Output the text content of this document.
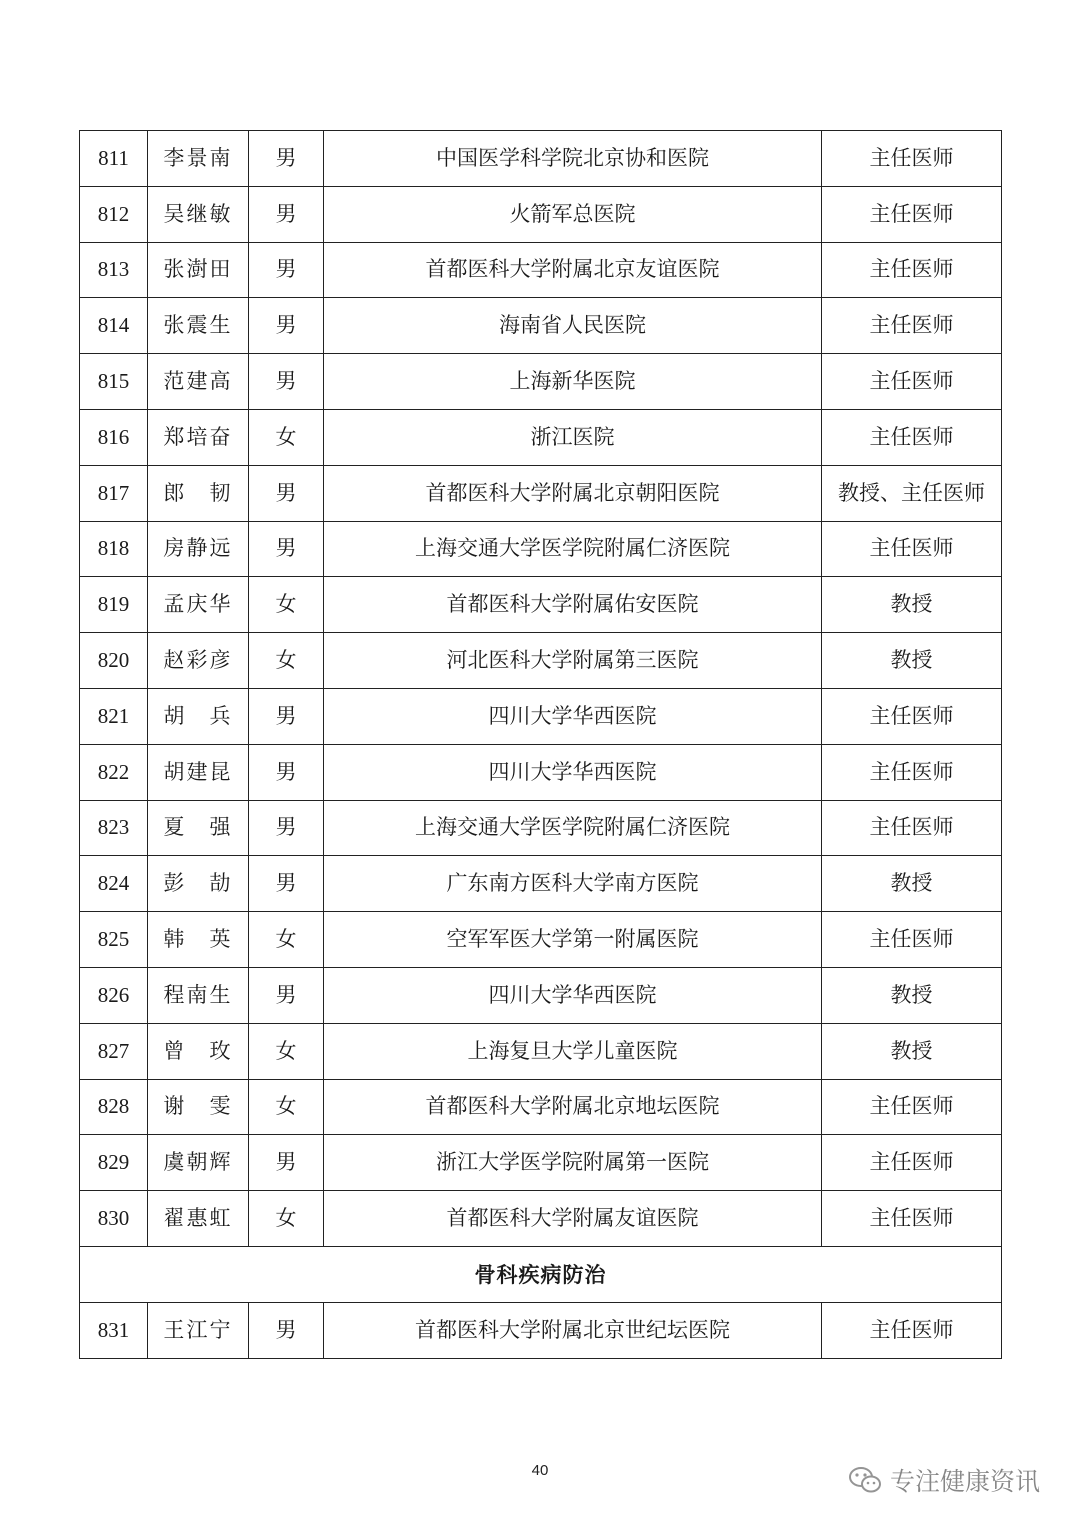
811	李景南	男	中国医学科学院北京协和医院	主任医师
812	吴继敏	男	火箭军总医院	主任医师
813	张澍田	男	首都医科大学附属北京友谊医院	主任医师
814	张震生	男	海南省人民医院	主任医师
815	范建高	男	上海新华医院	主任医师
816	郑培奋	女	浙江医院	主任医师
817	郎　韧	男	首都医科大学附属北京朝阳医院	教授、主任医师
818	房静远	男	上海交通大学医学院附属仁济医院	主任医师
819	孟庆华	女	首都医科大学附属佑安医院	教授
820	赵彩彦	女	河北医科大学附属第三医院	教授
821	胡　兵	男	四川大学华西医院	主任医师
822	胡建昆	男	四川大学华西医院	主任医师
823	夏　强	男	上海交通大学医学院附属仁济医院	主任医师
824	彭　劼	男	广东南方医科大学南方医院	教授
825	韩　英	女	空军军医大学第一附属医院	主任医师
826	程南生	男	四川大学华西医院	教授
827	曾　玫	女	上海复旦大学儿童医院	教授
828	谢　雯	女	首都医科大学附属北京地坛医院	主任医师
829	虞朝辉	男	浙江大学医学院附属第一医院	主任医师
830	翟惠虹	女	首都医科大学附属友谊医院	主任医师
骨科疾病防治				
831	王江宁	男	首都医科大学附属北京世纪坛医院	主任医师
40	专注健康资讯
